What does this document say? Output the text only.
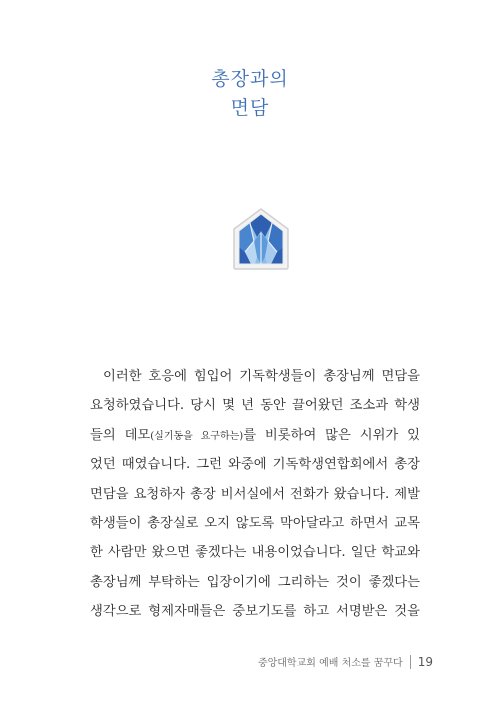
총장과의
면담
이러한 호응에 힘입어 기독학생들이 총장님께 면담을
요청하였습니다. 당시 몇 년 동안 끌어왔던 조소과 학생
들의 데모(실기동을 요구하는)를 비롯하여 많은 시위가 있
었던 때였습니다. 그런 와중에 기독학생연합회에서 총장
면담을 요청하자 총장 비서실에서 전화가 왔습니다. 제발
학생들이 총장실로 오지 않도록 막아달라고 하면서 교목
한 사람만 왔으면 좋겠다는 내용이었습니다. 일단 학교와
총장님께 부탁하는 입장이기에 그리하는 것이 좋겠다는
생각으로 형제자매들은 중보기도를 하고 서명받은 것을
중앙대학교회 예배 처소를 꿈꾸다 19
